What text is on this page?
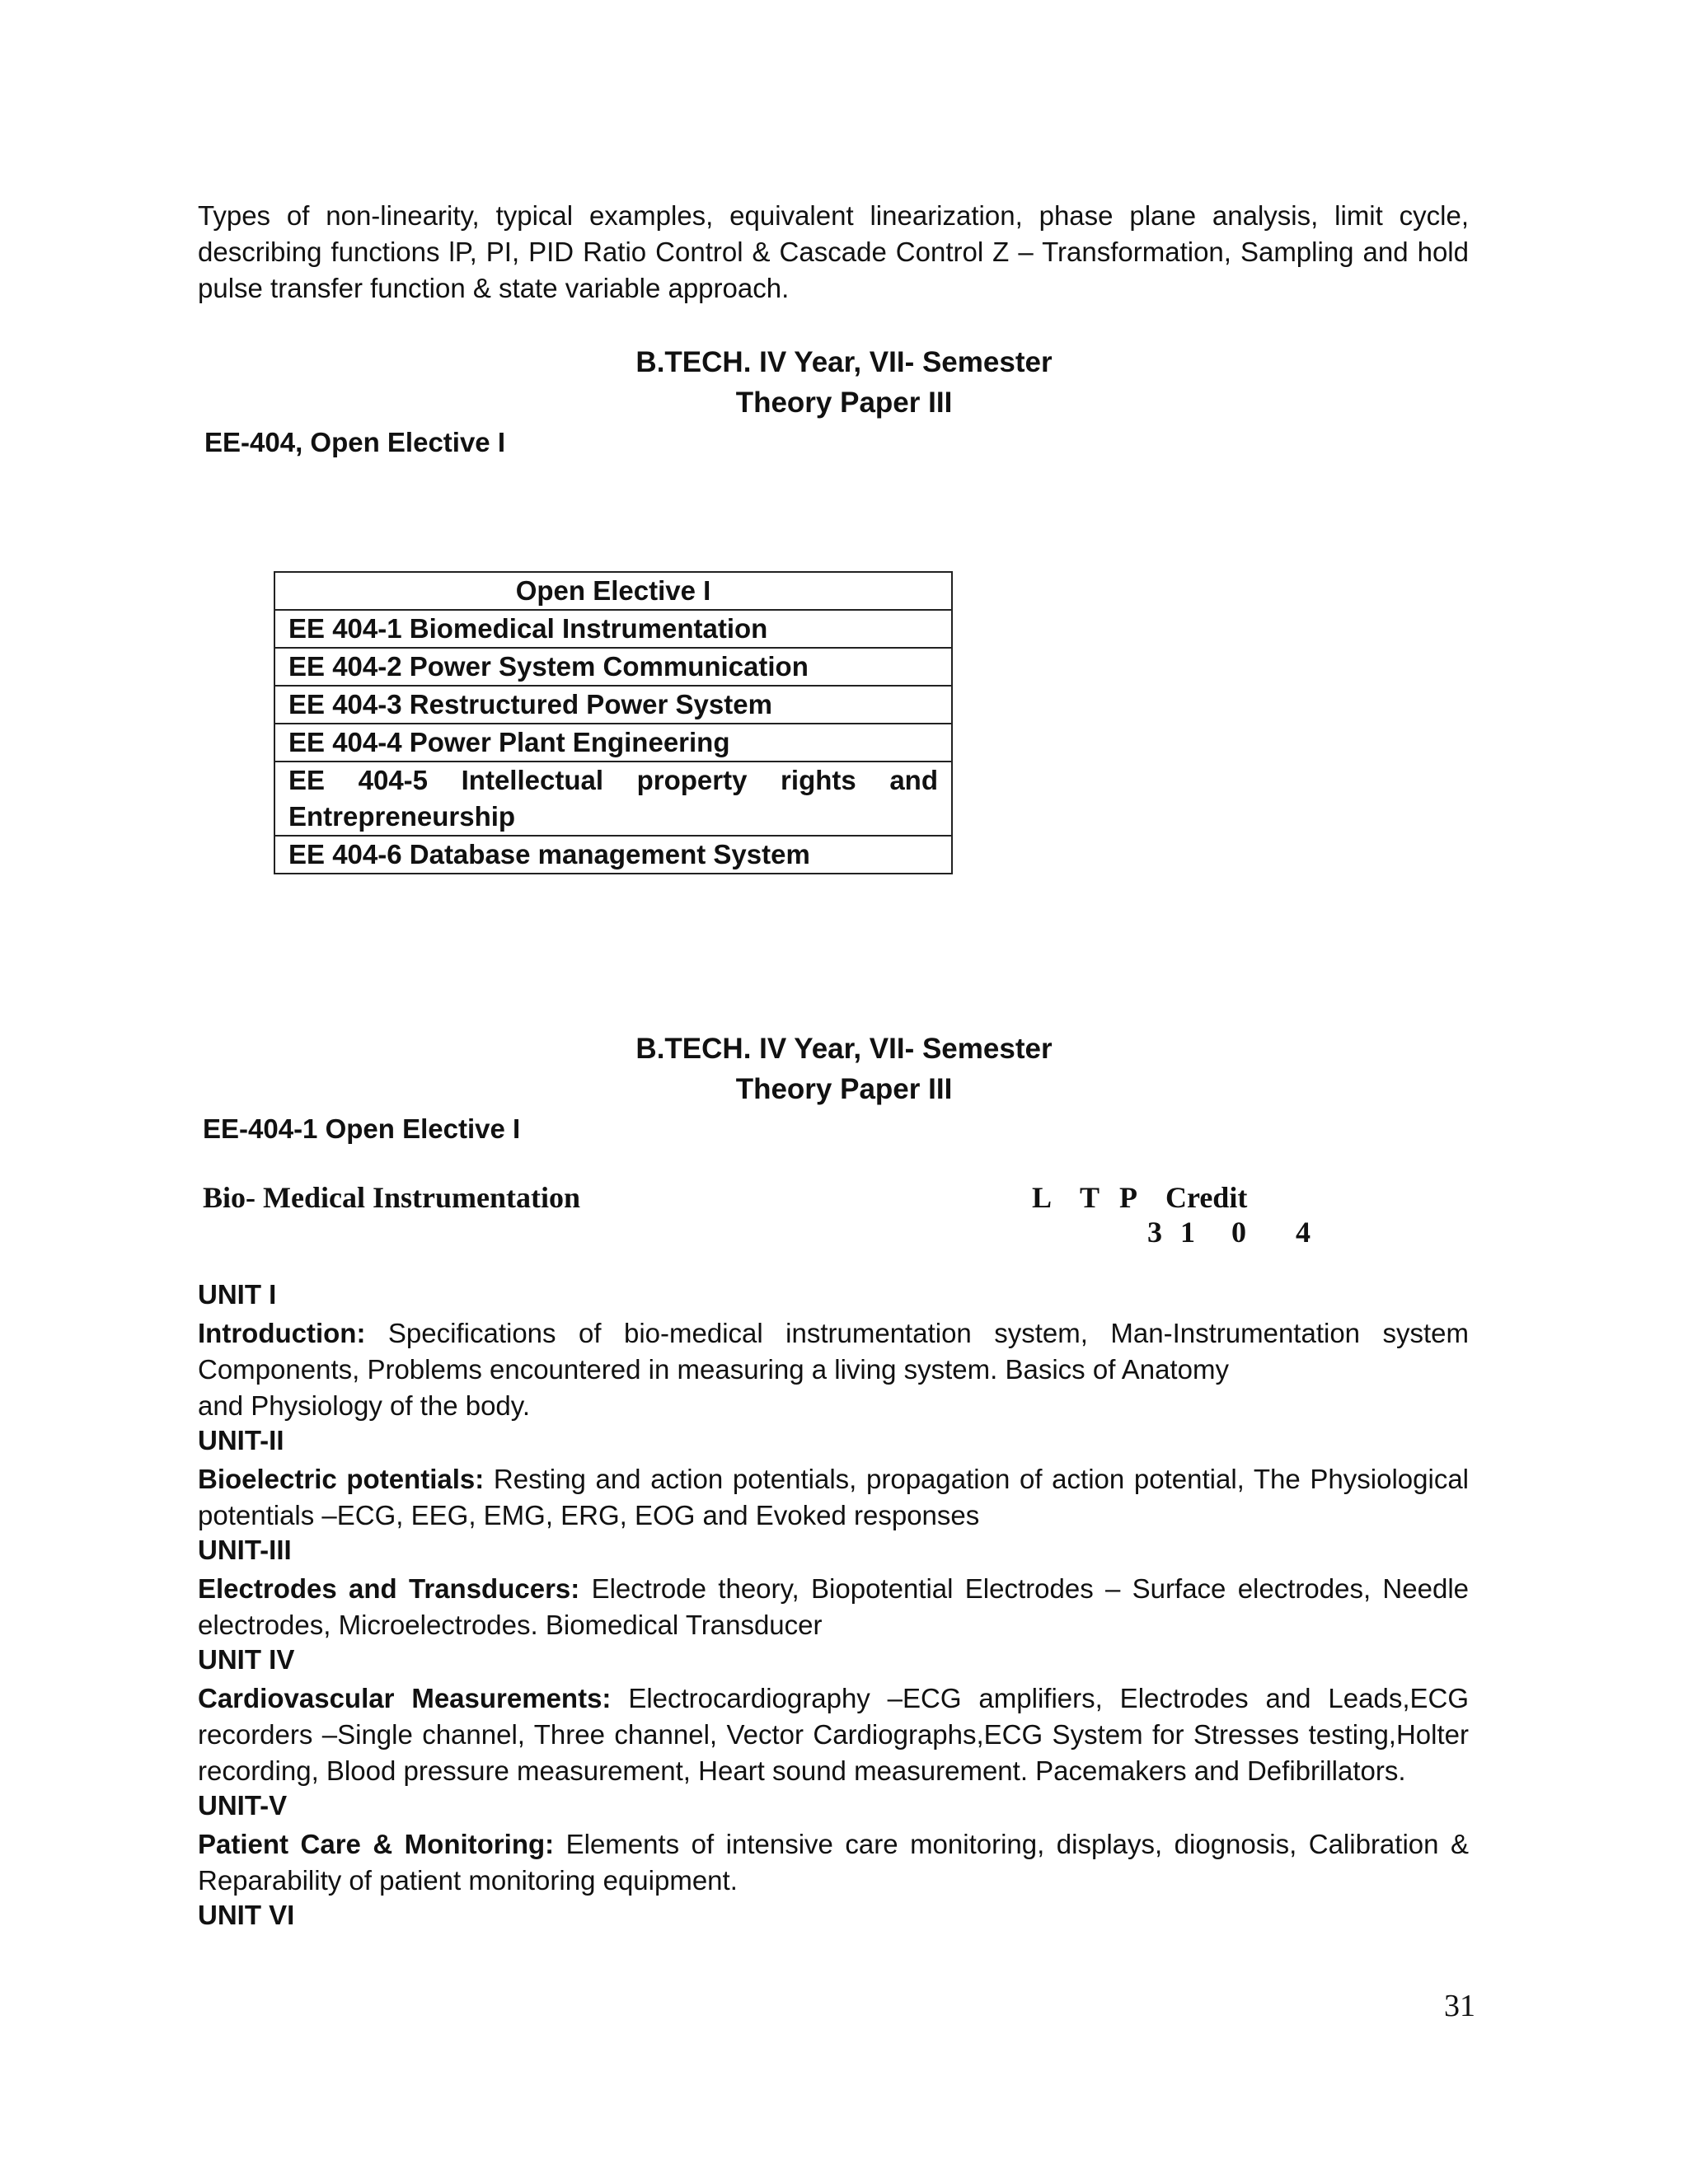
Types of non-linearity, typical examples, equivalent linearization, phase plane analysis, limit cycle,
describing functions lP, PI, PID Ratio Control & Cascade Control Z – Transformation, Sampling and hold
pulse transfer function & state variable approach.
B.TECH. IV Year, VII- Semester
Theory Paper III
EE-404, Open Elective I
Open Elective I
EE 404-1 Biomedical Instrumentation
EE 404-2 Power System Communication
EE 404-3 Restructured Power System
EE 404-4 Power Plant Engineering

EE 404-5 Intellectual property rights and
Entrepreneurship

EE 404-6 Database management System
B.TECH. IV Year, VII- Semester
Theory Paper III
EE-404-1 Open Elective I
Bio- Medical Instrumentation	L T P Credit
3 1 0 4
UNIT I
Introduction: Specifications of bio-medical instrumentation system, Man-Instrumentation system
Components, Problems encountered in measuring a living system. Basics of Anatomy
and Physiology of the body.
UNIT-II
Bioelectric potentials: Resting and action potentials, propagation of action potential, The Physiological
potentials –ECG, EEG, EMG, ERG, EOG and Evoked responses
UNIT-III
Electrodes and Transducers: Electrode theory, Biopotential Electrodes – Surface electrodes, Needle
electrodes, Microelectrodes. Biomedical Transducer
UNIT IV
Cardiovascular Measurements: Electrocardiography –ECG amplifiers, Electrodes and Leads,ECG
recorders –Single channel, Three channel, Vector Cardiographs,ECG System for Stresses testing,Holter
recording, Blood pressure measurement, Heart sound measurement. Pacemakers and Defibrillators.
UNIT-V
Patient Care & Monitoring: Elements of intensive care monitoring, displays, diognosis, Calibration &
Reparability of patient monitoring equipment.
UNIT VI
31
